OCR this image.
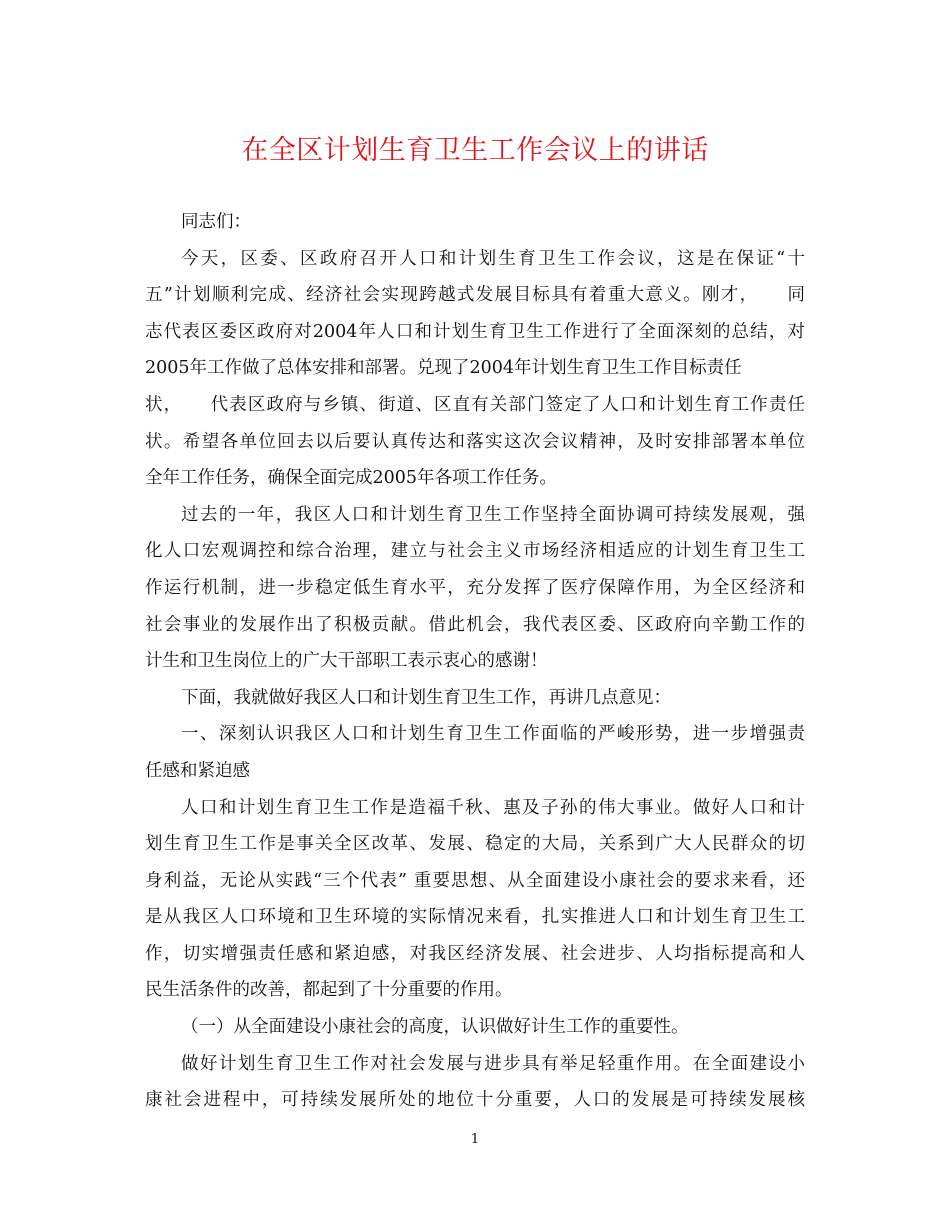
在全区计划生育卫生工作会议上的讲话
同志们：
今天，区委、区政府召开人口和计划生育卫生工作会议，这是在保证“十
五”计划顺利完成、经济社会实现跨越式发展目标具有着重大意义。刚才，　　同
志代表区委区政府对2004年人口和计划生育卫生工作进行了全面深刻的总结，对
2005年工作做了总体安排和部署。兑现了2004年计划生育卫生工作目标责任
状，　　代表区政府与乡镇、街道、区直有关部门签定了人口和计划生育工作责任
状。希望各单位回去以后要认真传达和落实这次会议精神，及时安排部署本单位
全年工作任务，确保全面完成2005年各项工作任务。
过去的一年，我区人口和计划生育卫生工作坚持全面协调可持续发展观，强
化人口宏观调控和综合治理，建立与社会主义市场经济相适应的计划生育卫生工
作运行机制，进一步稳定低生育水平，充分发挥了医疗保障作用，为全区经济和
社会事业的发展作出了积极贡献。借此机会，我代表区委、区政府向辛勤工作的
计生和卫生岗位上的广大干部职工表示衷心的感谢！
下面，我就做好我区人口和计划生育卫生工作，再讲几点意见：
一、深刻认识我区人口和计划生育卫生工作面临的严峻形势，进一步增强责
任感和紧迫感
人口和计划生育卫生工作是造福千秋、惠及子孙的伟大事业。做好人口和计
划生育卫生工作是事关全区改革、发展、稳定的大局，关系到广大人民群众的切
身利益，无论从实践“三个代表” 重要思想、从全面建设小康社会的要求来看，还
是从我区人口环境和卫生环境的实际情况来看，扎实推进人口和计划生育卫生工
作，切实增强责任感和紧迫感，对我区经济发展、社会进步、人均指标提高和人
民生活条件的改善，都起到了十分重要的作用。
（一）从全面建设小康社会的高度，认识做好计生工作的重要性。
做好计划生育卫生工作对社会发展与进步具有举足轻重作用。在全面建设小
康社会进程中，可持续发展所处的地位十分重要，人口的发展是可持续发展核
1
